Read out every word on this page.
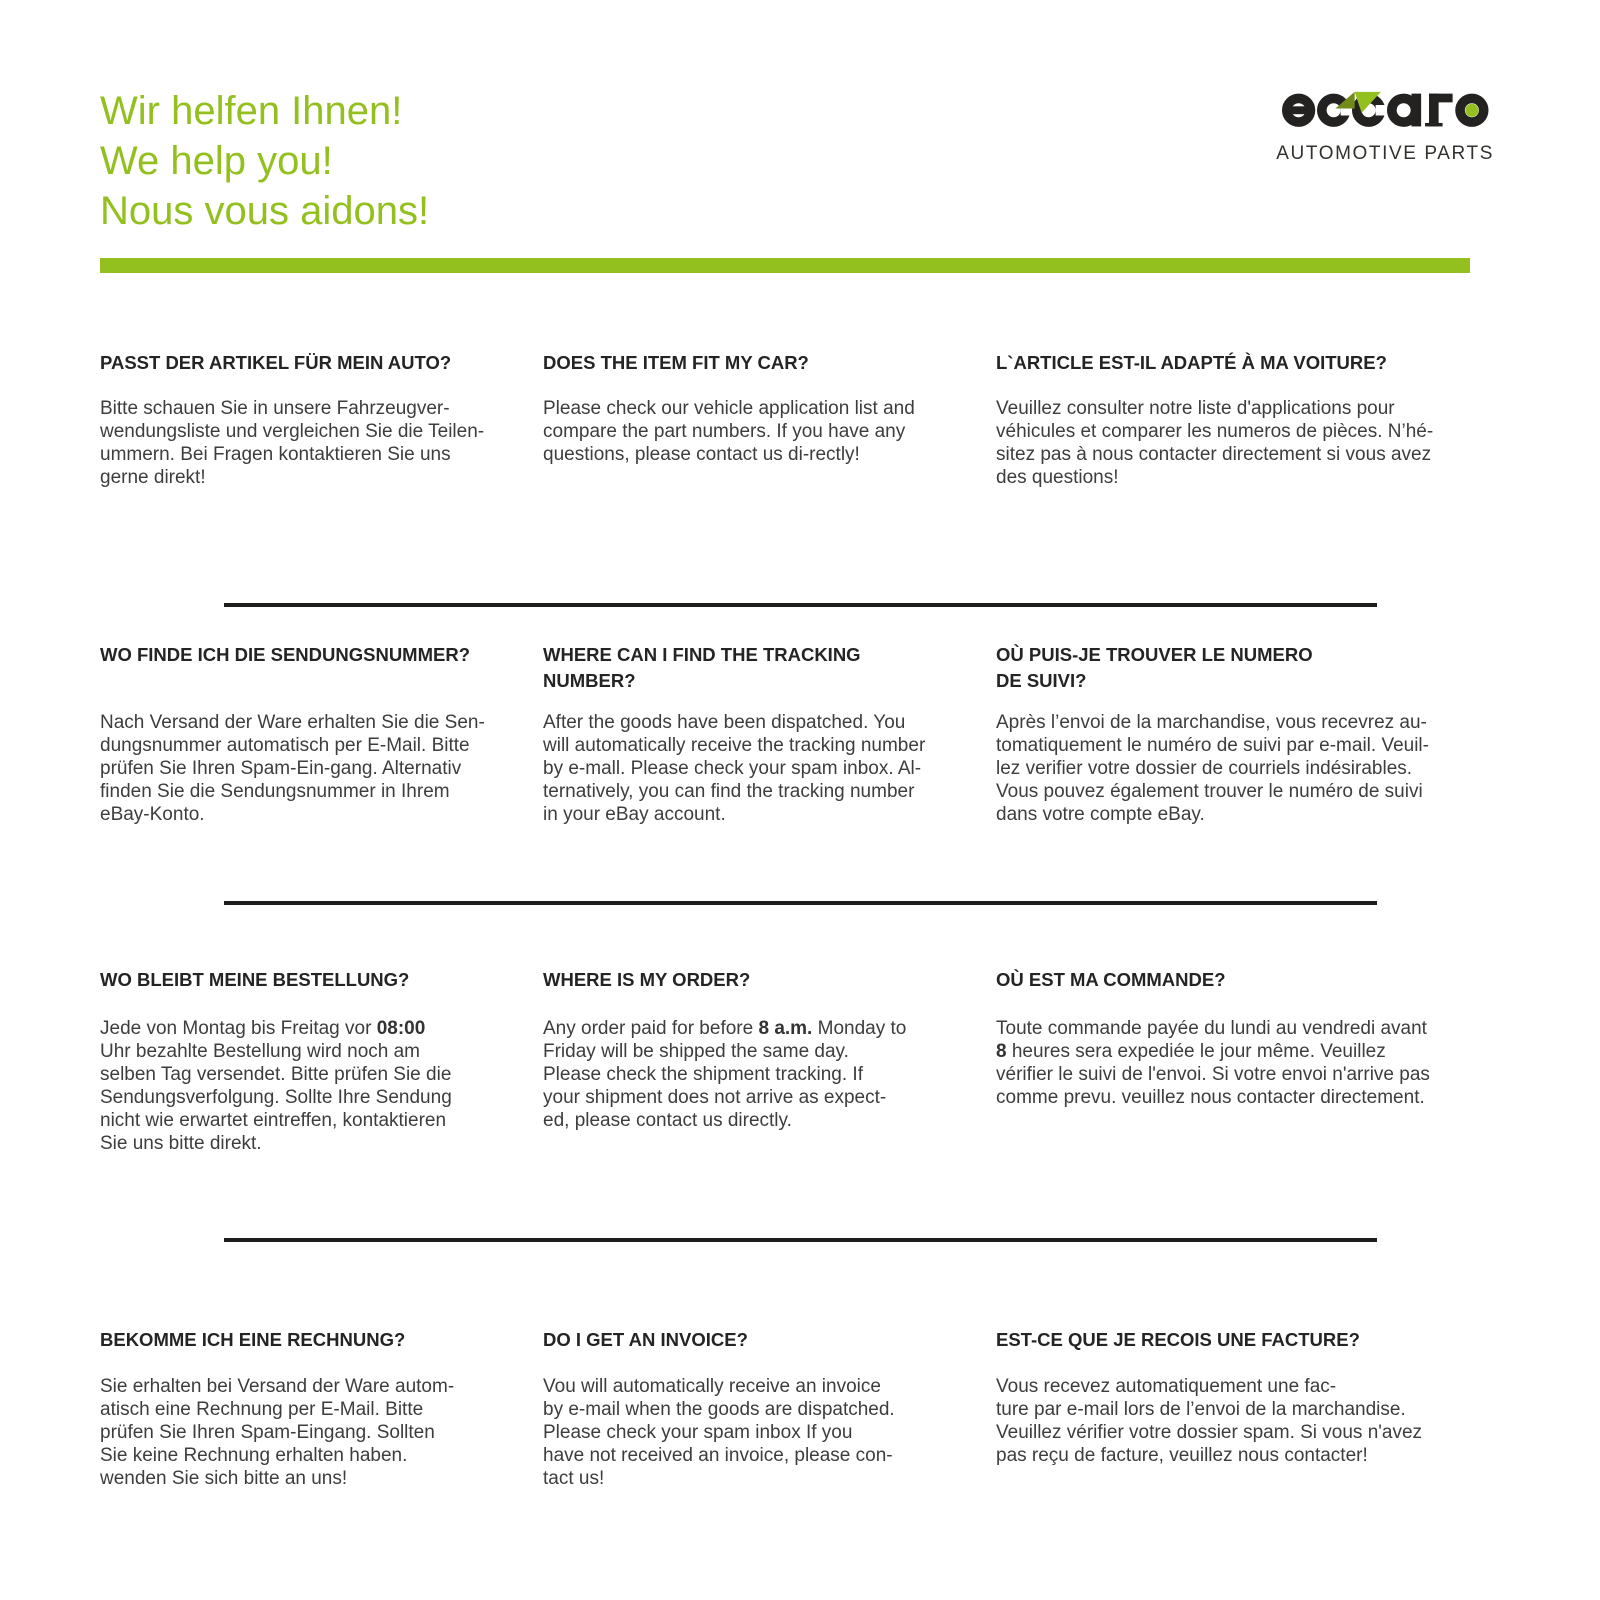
Wir helfen Ihnen!
We help you!
Nous vous aidons!
AUTOMOTIVE PARTS
PASST DER ARTIKEL FÜR MEIN AUTO?
Bitte schauen Sie in unsere Fahrzeugver-
wendungsliste und vergleichen Sie die Teilen-
ummern. Bei Fragen kontaktieren Sie uns
gerne direkt!
DOES THE ITEM FIT MY CAR?
Please check our vehicle application list and
compare the part numbers. If you have any
questions, please contact us di-rectly!
L`ARTICLE EST-IL ADAPTÉ À MA VOITURE?
Veuillez consulter notre liste d'applications pour
véhicules et comparer les numeros de pièces. N’hé-
sitez pas à nous contacter directement si vous avez
des questions!
WO FINDE ICH DIE SENDUNGSNUMMER?
Nach Versand der Ware erhalten Sie die Sen-
dungsnummer automatisch per E-Mail. Bitte
prüfen Sie Ihren Spam-Ein-gang. Alternativ
finden Sie die Sendungsnummer in Ihrem
eBay-Konto.
WHERE CAN I FIND THE TRACKING
NUMBER?
After the goods have been dispatched. You
will automatically receive the tracking number
by e-mall. Please check your spam inbox. Al-
ternatively, you can find the tracking number
in your eBay account.
OÙ PUIS-JE TROUVER LE NUMERO
DE SUIVI?
Après l’envoi de la marchandise, vous recevrez au-
tomatiquement le numéro de suivi par e-mail. Veuil-
lez verifier votre dossier de courriels indésirables.
Vous pouvez également trouver le numéro de suivi
dans votre compte eBay.
WO BLEIBT MEINE BESTELLUNG?
Jede von Montag bis Freitag vor 08:00
Uhr bezahlte Bestellung wird noch am
selben Tag versendet. Bitte prüfen Sie die
Sendungsverfolgung. Sollte Ihre Sendung
nicht wie erwartet eintreffen, kontaktieren
Sie uns bitte direkt.
WHERE IS MY ORDER?
Any order paid for before 8 a.m. Monday to
Friday will be shipped the same day.
Please check the shipment tracking. If
your shipment does not arrive as expect-
ed, please contact us directly.
OÙ EST MA COMMANDE?
Toute commande payée du lundi au vendredi avant
8 heures sera expediée le jour même. Veuillez
vérifier le suivi de l'envoi. Si votre envoi n'arrive pas
comme prevu. veuillez nous contacter directement.
BEKOMME ICH EINE RECHNUNG?
Sie erhalten bei Versand der Ware autom-
atisch eine Rechnung per E-Mail. Bitte
prüfen Sie Ihren Spam-Eingang. Sollten
Sie keine Rechnung erhalten haben.
wenden Sie sich bitte an uns!
DO I GET AN INVOICE?
Vou will automatically receive an invoice
by e-mail when the goods are dispatched.
Please check your spam inbox If you
have not received an invoice, please con-
tact us!
EST-CE QUE JE RECOIS UNE FACTURE?
Vous recevez automatiquement une fac-
ture par e-mail lors de l’envoi de la marchandise.
Veuillez vérifier votre dossier spam. Si vous n'avez
pas reçu de facture, veuillez nous contacter!
